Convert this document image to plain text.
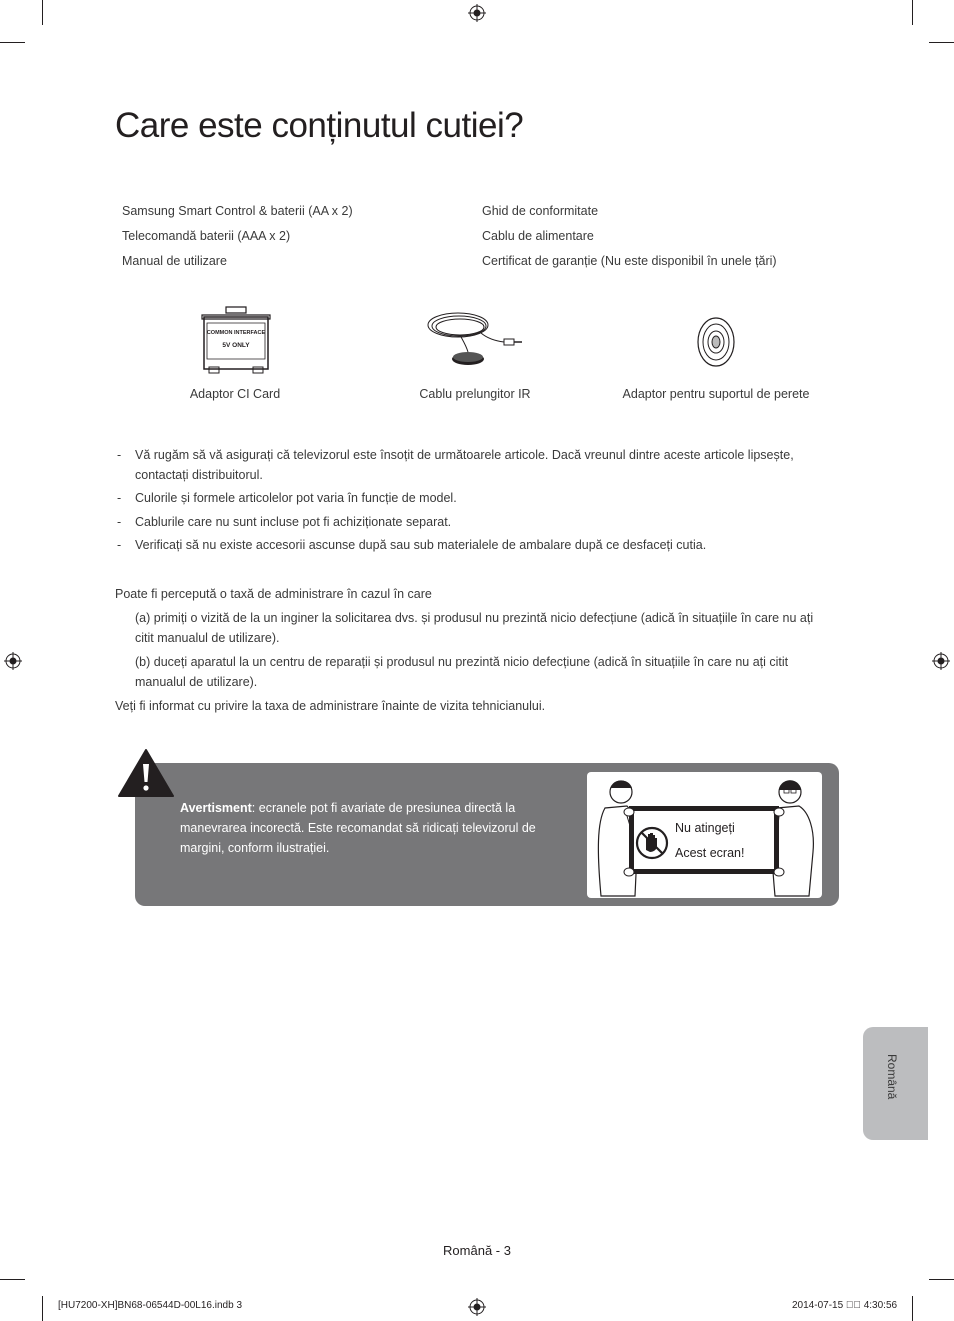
Care este conținutul cutiei?
Samsung Smart Control & baterii (AA x 2)
Telecomandă baterii (AAA x 2)
Manual de utilizare
Ghid de conformitate
Cablu de alimentare
Certificat de garanție (Nu este disponibil în unele țări)
COMMON INTERFACE
5V ONLY
Adaptor CI Card	Cablu prelungitor IR	Adaptor pentru suportul de perete
- Vă rugăm să vă asigurați că televizorul este însoțit de următoarele articole. Dacă vreunul dintre aceste articole lipsește, contactați distribuitorul.
- Culorile și formele articolelor pot varia în funcție de model.
- Cablurile care nu sunt incluse pot fi achiziționate separat.
- Verificați să nu existe accesorii ascunse după sau sub materialele de ambalare după ce desfaceți cutia.
Poate fi percepută o taxă de administrare în cazul în care
(a) primiți o vizită de la un inginer la solicitarea dvs. și produsul nu prezintă nicio defecțiune (adică în situațiile în care nu ați citit manualul de utilizare).
(b) duceți aparatul la un centru de reparații și produsul nu prezintă nicio defecțiune (adică în situațiile în care nu ați citit manualul de utilizare).
Veți fi informat cu privire la taxa de administrare înainte de vizita tehnicianului.
Avertisment: ecranele pot fi avariate de presiunea directă la manevrarea incorectă. Este recomandat să ridicați televizorul de margini, conform ilustrației.
Nu atingeți
Acest ecran!
Română
Română - 3
[HU7200-XH]BN68-06544D-00L16.indb 3	2014-07-15 ￿￿ 4:30:56
